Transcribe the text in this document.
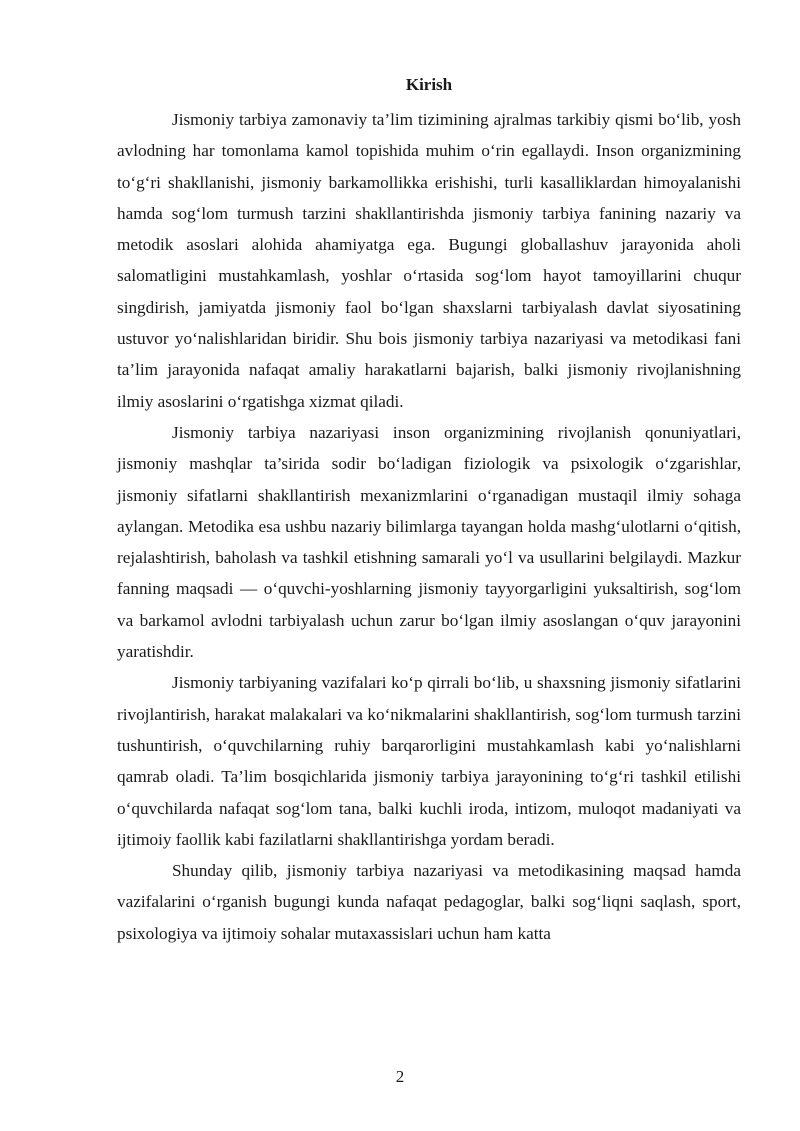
Kirish

Jismoniy tarbiya zamonaviy ta’lim tizimining ajralmas tarkibiy qismi bo‘lib, yosh avlodning har tomonlama kamol topishida muhim o‘rin egallaydi. Inson organizmining to‘g‘ri shakllanishi, jismoniy barkamollikka erishishi, turli kasalliklardan himoyalanishi hamda sog‘lom turmush tarzini shakllantirishda jismoniy tarbiya fanining nazariy va metodik asoslari alohida ahamiyatga ega. Bugungi globallashuv jarayonida aholi salomatligini mustahkamlash, yoshlar o‘rtasida sog‘lom hayot tamoyillarini chuqur singdirish, jamiyatda jismoniy faol bo‘lgan shaxslarni tarbiyalash davlat siyosatining ustuvor yo‘nalishlaridan biridir. Shu bois jismoniy tarbiya nazariyasi va metodikasi fani ta’lim jarayonida nafaqat amaliy harakatlarni bajarish, balki jismoniy rivojlanishning ilmiy asoslarini o‘rgatishga xizmat qiladi.

Jismoniy tarbiya nazariyasi inson organizmining rivojlanish qonuniyatlari, jismoniy mashqlar ta’sirida sodir bo‘ladigan fiziologik va psixologik o‘zgarishlar, jismoniy sifatlarni shakllantirish mexanizmlarini o‘rganadigan mustaqil ilmiy sohaga aylangan. Metodika esa ushbu nazariy bilimlarga tayangan holda mashg‘ulotlarni o‘qitish, rejalashtirish, baholash va tashkil etishning samarali yo‘l va usullarini belgilaydi. Mazkur fanning maqsadi — o‘quvchi-yoshlarning jismoniy tayyorgarligini yuksaltirish, sog‘lom va barkamol avlodni tarbiyalash uchun zarur bo‘lgan ilmiy asoslangan o‘quv jarayonini yaratishdir.

Jismoniy tarbiyaning vazifalari ko‘p qirrali bo‘lib, u shaxsning jismoniy sifatlarini rivojlantirish, harakat malakalari va ko‘nikmalarini shakllantirish, sog‘lom turmush tarzini tushuntirish, o‘quvchilarning ruhiy barqarorligini mustahkamlash kabi yo‘nalishlarni qamrab oladi. Ta’lim bosqichlarida jismoniy tarbiya jarayonining to‘g‘ri tashkil etilishi o‘quvchilarda nafaqat sog‘lom tana, balki kuchli iroda, intizom, muloqot madaniyati va ijtimoiy faollik kabi fazilatlarni shakllantirishga yordam beradi.

Shunday qilib, jismoniy tarbiya nazariyasi va metodikasining maqsad hamda vazifalarini o‘rganish bugungi kunda nafaqat pedagoglar, balki sog‘liqni saqlash, sport, psixologiya va ijtimoiy sohalar mutaxassislari uchun ham katta

2
